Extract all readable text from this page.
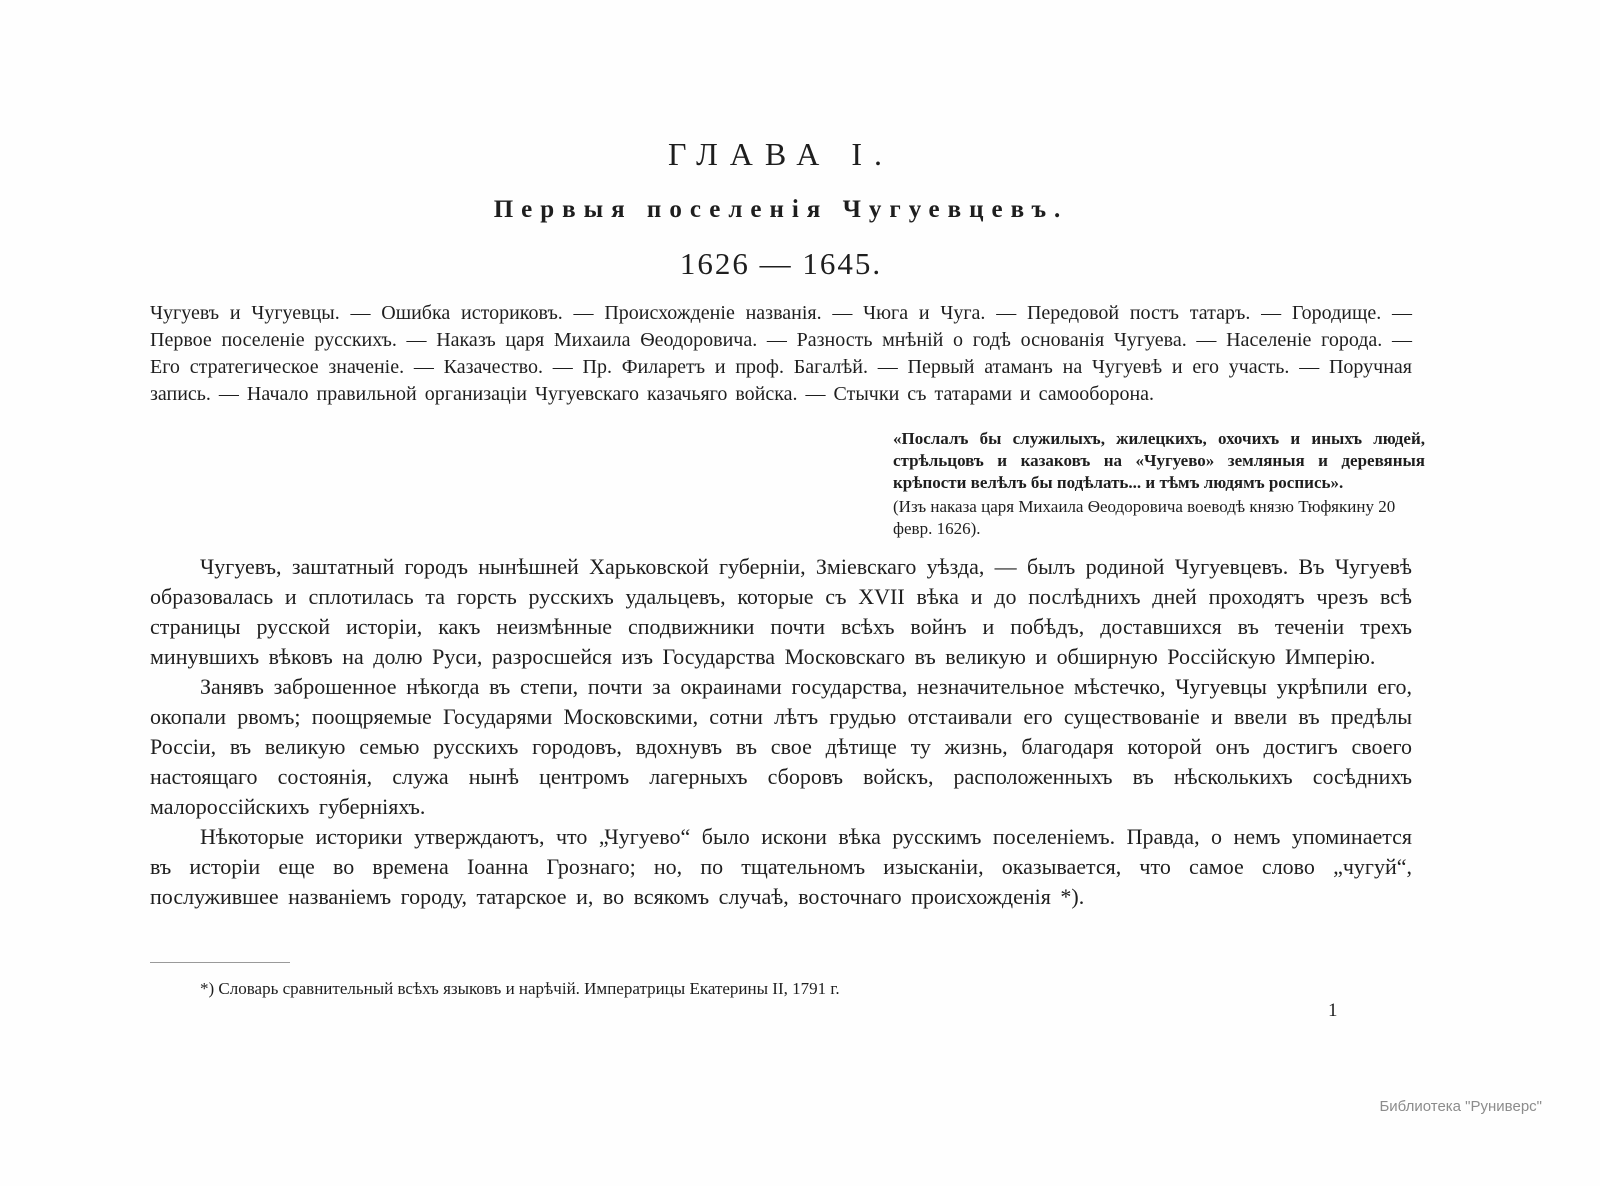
ГЛАВА I.
Первыя поселенія Чугуевцевъ.
1626 — 1645.
Чугуевъ и Чугуевцы. — Ошибка историковъ. — Происхожденіе названія. — Чюга и Чуга. — Передовой постъ татаръ. — Городище. — Первое поселеніе русскихъ. — Наказъ царя Михаила Ѳеодоровича. — Разность мнѣній о годѣ основанія Чугуева. — Населеніе города. — Его стратегическое значеніе. — Казачество. — Пр. Филаретъ и проф. Багалѣй. — Первый атаманъ на Чугуевѣ и его участь. — Поручная запись. — Начало правильной организаціи Чугуевскаго казачьяго войска. — Стычки съ татарами и самооборона.
«Послалъ бы служилыхъ, жилецкихъ, охочихъ и иныхъ людей, стрѣльцовъ и казаковъ на «Чугуево» земляныя и деревяныя крѣпости велѣлъ бы подѣлать... и тѣмъ людямъ роспись».
(Изъ наказа царя Михаила Ѳеодоровича воеводѣ князю Тюфякину 20 февр. 1626).

Чугуевъ, заштатный городъ нынѣшней Харьковской губерніи, Зміевскаго уѣзда, — былъ родиной Чугуевцевъ. Въ Чугуевѣ образовалась и сплотилась та горсть русскихъ удальцевъ, которые съ XVII вѣка и до послѣднихъ дней проходятъ чрезъ всѣ страницы русской исторіи, какъ неизмѣнные сподвижники почти всѣхъ войнъ и побѣдъ, доставшихся въ теченіи трехъ минувшихъ вѣковъ на долю Руси, разросшейся изъ Государства Московскаго въ великую и обширную Россійскую Имперію.

Занявъ заброшенное нѣкогда въ степи, почти за окраинами государства, незначительное мѣстечко, Чугуевцы укрѣпили его, окопали рвомъ; поощряемые Государями Московскими, сотни лѣтъ грудью отстаивали его существованіе и ввели въ предѣлы Россіи, въ великую семью русскихъ городовъ, вдохнувъ въ свое дѣтище ту жизнь, благодаря которой онъ достигъ своего настоящаго состоянія, служа нынѣ центромъ лагерныхъ сборовъ войскъ, расположенныхъ въ нѣсколькихъ сосѣднихъ малороссійскихъ губерніяхъ.

Нѣкоторые историки утверждаютъ, что „Чугуево“ было искони вѣка русскимъ поселеніемъ. Правда, о немъ упоминается въ исторіи еще во времена Іоанна Грознаго; но, по тщательномъ изысканіи, оказывается, что самое слово „чугуй“, послужившее названіемъ городу, татарское и, во всякомъ случаѣ, восточнаго происхожденія *).

*) Словарь сравнительный всѣхъ языковъ и нарѣчій. Императрицы Екатерины II, 1791 г.
1
Библиотека "Руниверс"
